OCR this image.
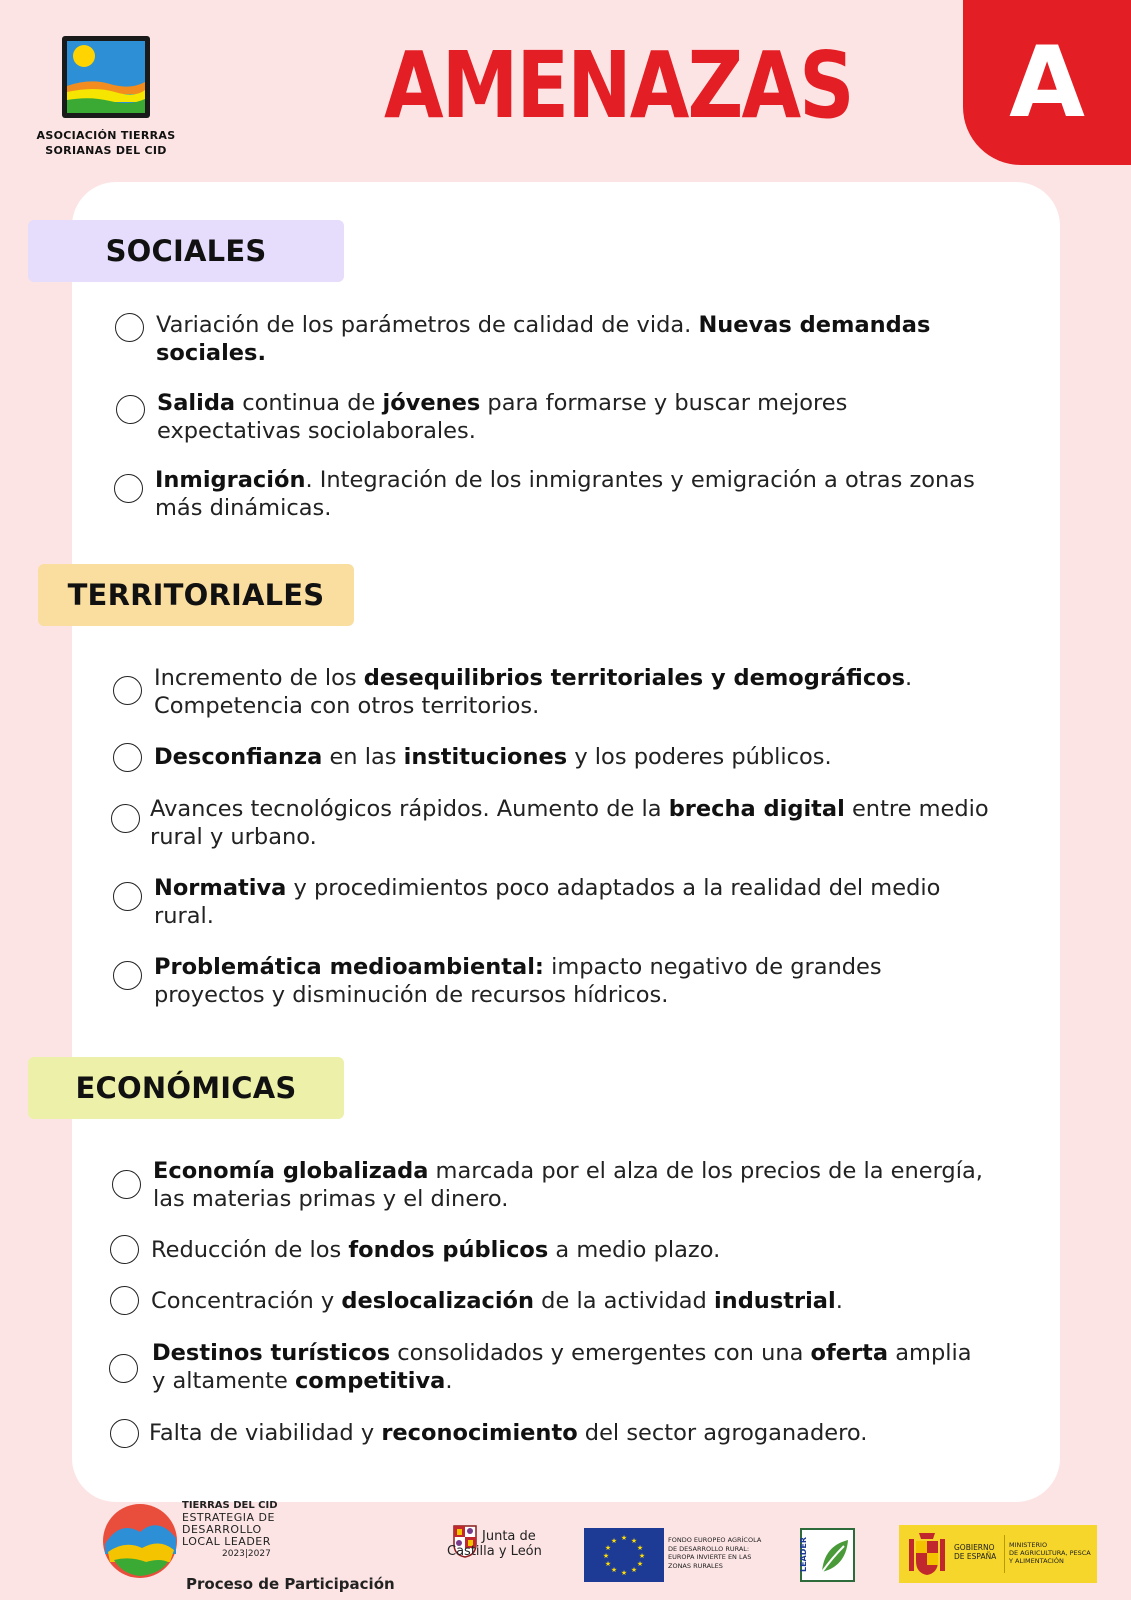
ASOCIACIÓN TIERRAS
SORIANAS DEL CID
AMENAZAS A
SOCIALES
Variación de los parámetros de calidad de vida. Nuevas demandas sociales.
Salida continua de jóvenes para formarse y buscar mejores expectativas sociolaborales.
Inmigración. Integración de los inmigrantes y emigración a otras zonas más dinámicas.
TERRITORIALES
Incremento de los desequilibrios territoriales y demográficos. Competencia con otros territorios.
Desconfianza en las instituciones y los poderes públicos.
Avances tecnológicos rápidos. Aumento de la brecha digital entre medio rural y urbano.
Normativa y procedimientos poco adaptados a la realidad del medio rural.
Problemática medioambiental: impacto negativo de grandes proyectos y disminución de recursos hídricos.
ECONÓMICAS
Economía globalizada marcada por el alza de los precios de la energía, las materias primas y el dinero.
Reducción de los fondos públicos a medio plazo.
Concentración y deslocalización de la actividad industrial.
Destinos turísticos consolidados y emergentes con una oferta amplia y altamente competitiva.
Falta de viabilidad y reconocimiento del sector agroganadero.
TIERRAS DEL CID
ESTRATEGIA DE
DESARROLLO
LOCAL LEADER
2023|2027
Proceso de Participación
Junta de
Castilla y León
★ ★
★
★
★
★
★
★
★
★
★
★	FONDO EUROPEO AGRÍCOLA
DE DESARROLLO RURAL:
EUROPA INVIERTE EN LAS
ZONAS RURALES	LEADER	GOBIERNO
DE ESPAÑA
MINISTERIO
DE AGRICULTURA, PESCA
Y ALIMENTACIÓN
